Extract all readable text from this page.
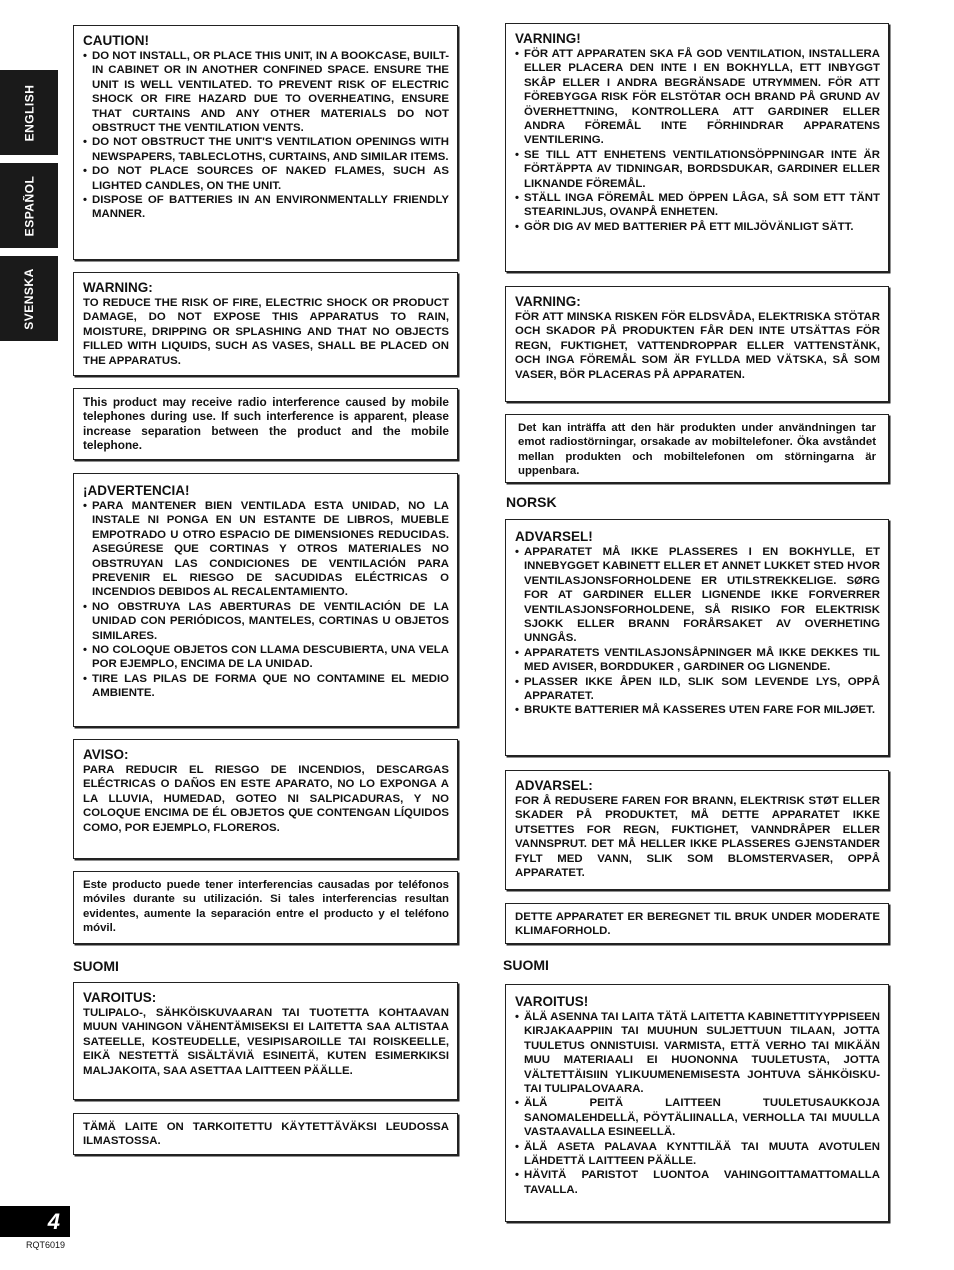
ENGLISH
ESPAÑOL
SVENSKA
CAUTION!
• DO NOT INSTALL, OR PLACE THIS UNIT, IN A BOOKCASE, BUILT-IN CABINET OR IN ANOTHER CONFINED SPACE. ENSURE THE UNIT IS WELL VENTILATED. TO PREVENT RISK OF ELECTRIC SHOCK OR FIRE HAZARD DUE TO OVERHEATING, ENSURE THAT CURTAINS AND ANY OTHER MATERIALS DO NOT OBSTRUCT THE VENTILATION VENTS.
• DO NOT OBSTRUCT THE UNIT'S VENTILATION OPENINGS WITH NEWSPAPERS, TABLECLOTHS, CURTAINS, AND SIMILAR ITEMS.
• DO NOT PLACE SOURCES OF NAKED FLAMES, SUCH AS LIGHTED CANDLES, ON THE UNIT.
• DISPOSE OF BATTERIES IN AN ENVIRONMENTALLY FRIENDLY MANNER.
WARNING:

TO REDUCE THE RISK OF FIRE, ELECTRIC SHOCK OR PRODUCT DAMAGE, DO NOT EXPOSE THIS APPARATUS TO RAIN, MOISTURE, DRIPPING OR SPLASHING AND THAT NO OBJECTS FILLED WITH LIQUIDS, SUCH AS VASES, SHALL BE PLACED ON THE APPARATUS.

This product may receive radio interference caused by mobile telephones during use. If such interference is apparent, please increase separation between the product and the mobile telephone.

¡ADVERTENCIA!
• PARA MANTENER BIEN VENTILADA ESTA UNIDAD, NO LA INSTALE NI PONGA EN UN ESTANTE DE LIBROS, MUEBLE EMPOTRADO U OTRO ESPACIO DE DIMENSIONES REDUCIDAS. ASEGÚRESE QUE CORTINAS Y OTROS MATERIALES NO OBSTRUYAN LAS CONDICIONES DE VENTILACIÓN PARA PREVENIR EL RIESGO DE SACUDIDAS ELÉCTRICAS O INCENDIOS DEBIDOS AL RECALENTAMIENTO.
• NO OBSTRUYA LAS ABERTURAS DE VENTILACIÓN DE LA UNIDAD CON PERIÓDICOS, MANTELES, CORTINAS U OBJETOS SIMILARES.
• NO COLOQUE OBJETOS CON LLAMA DESCUBIERTA, UNA VELA POR EJEMPLO, ENCIMA DE LA UNIDAD.
• TIRE LAS PILAS DE FORMA QUE NO CONTAMINE EL MEDIO AMBIENTE.
AVISO:

PARA REDUCIR EL RIESGO DE INCENDIOS, DESCARGAS ELÉCTRICAS O DAÑOS EN ESTE APARATO, NO LO EXPONGA A LA LLUVIA, HUMEDAD, GOTEO NI SALPICADURAS, Y NO COLOQUE ENCIMA DE ÉL OBJETOS QUE CONTENGAN LÍQUIDOS COMO, POR EJEMPLO, FLOREROS.

Este producto puede tener interferencias causadas por teléfonos móviles durante su utilización. Si tales interferencias resultan evidentes, aumente la separación entre el producto y el teléfono móvil.

SUOMI
VAROITUS:

TULIPALO-, SÄHKÖISKUVAARAN TAI TUOTETTA KOHTAAVAN MUUN VAHINGON VÄHENTÄMISEKSI EI LAITETTA SAA ALTISTAA SATEELLE, KOSTEUDELLE, VESIPISAROILLE TAI ROISKEELLE, EIKÄ NESTETTÄ SISÄLTÄVIÄ ESINEITÄ, KUTEN ESIMERKIKSI MALJAKOITA, SAA ASETTAA LAITTEEN PÄÄLLE.

TÄMÄ LAITE ON TARKOITETTU KÄYTETTÄVÄKSI LEUDOSSA ILMASTOSSA.

VARNING!
• FÖR ATT APPARATEN SKA FÅ GOD VENTILATION, INSTALLERA ELLER PLACERA DEN INTE I EN BOKHYLLA, ETT INBYGGT SKÅP ELLER I ANDRA BEGRÄNSADE UTRYMMEN. FÖR ATT FÖREBYGGA RISK FÖR ELSTÖTAR OCH BRAND PÅ GRUND AV ÖVERHETTNING, KONTROLLERA ATT GARDINER ELLER ANDRA FÖREMÅL INTE FÖRHINDRAR APPARATENS VENTILERING.
• SE TILL ATT ENHETENS VENTILATIONSÖPPNINGAR INTE ÄR FÖRTÄPPTA AV TIDNINGAR, BORDSDUKAR, GARDINER ELLER LIKNANDE FÖREMÅL.
• STÄLL INGA FÖREMÅL MED ÖPPEN LÅGA, SÅ SOM ETT TÄNT STEARINLJUS, OVANPÅ ENHETEN.
• GÖR DIG AV MED BATTERIER PÅ ETT MILJÖVÄNLIGT SÄTT.
VARNING:

FÖR ATT MINSKA RISKEN FÖR ELDSVÅDA, ELEKTRISKA STÖTAR OCH SKADOR PÅ PRODUKTEN FÅR DEN INTE UTSÄTTAS FÖR REGN, FUKTIGHET, VATTENDROPPAR ELLER VATTENSTÄNK, OCH INGA FÖREMÅL SOM ÄR FYLLDA MED VÄTSKA, SÅ SOM VASER, BÖR PLACERAS PÅ APPARATEN.

Det kan inträffa att den här produkten under användningen tar emot radiostörningar, orsakade av mobiltelefoner. Öka avståndet mellan produkten och mobiltelefonen om störningarna är uppenbara.

NORSK
ADVARSEL!
• APPARATET MÅ IKKE PLASSERES I EN BOKHYLLE, ET INNEBYGGET KABINETT ELLER ET ANNET LUKKET STED HVOR VENTILASJONSFORHOLDENE ER UTILSTREKKELIGE. SØRG FOR AT GARDINER ELLER LIGNENDE IKKE FORVERRER VENTILASJONSFORHOLDENE, SÅ RISIKO FOR ELEKTRISK SJOKK ELLER BRANN FORÅRSAKET AV OVERHETING UNNGÅS.
• APPARATETS VENTILASJONSÅPNINGER MÅ IKKE DEKKES TIL MED AVISER, BORDDUKER , GARDINER OG LIGNENDE.
• PLASSER IKKE ÅPEN ILD, SLIK SOM LEVENDE LYS, OPPÅ APPARATET.
• BRUKTE BATTERIER MÅ KASSERES UTEN FARE FOR MILJØET.
ADVARSEL:

FOR Å REDUSERE FAREN FOR BRANN, ELEKTRISK STØT ELLER SKADER PÅ PRODUKTET, MÅ DETTE APPARATET IKKE UTSETTES FOR REGN, FUKTIGHET, VANNDRÅPER ELLER VANNSPRUT. DET MÅ HELLER IKKE PLASSERES GJENSTANDER FYLT MED VANN, SLIK SOM BLOMSTERVASER, OPPÅ APPARATET.

DETTE APPARATET ER BEREGNET TIL BRUK UNDER MODERATE KLIMAFORHOLD.

SUOMI
VAROITUS!
• ÄLÄ ASENNA TAI LAITA TÄTÄ LAITETTA KABINETTITYYPPISEEN KIRJAKAAPPIIN TAI MUUHUN SULJETTUUN TILAAN, JOTTA TUULETUS ONNISTUISI. VARMISTA, ETTÄ VERHO TAI MIKÄÄN MUU MATERIAALI EI HUONONNA TUULETUSTA, JOTTA VÄLTETTÄISIIN YLIKUUMENEMISESTA JOHTUVA SÄHKÖISKU- TAI TULIPALOVAARA.
• ÄLÄ PEITÄ LAITTEEN TUULETUSAUKKOJA SANOMALEHDELLÄ, PÖYTÄLIINALLA, VERHOLLA TAI MUULLA VASTAAVALLA ESINEELLÄ.
• ÄLÄ ASETA PALAVAA KYNTTILÄÄ TAI MUUTA AVOTULEN LÄHDETTÄ LAITTEEN PÄÄLLE.
• HÄVITÄ PARISTOT LUONTOA VAHINGOITTAMATTOMALLA TAVALLA.
4
RQT6019
